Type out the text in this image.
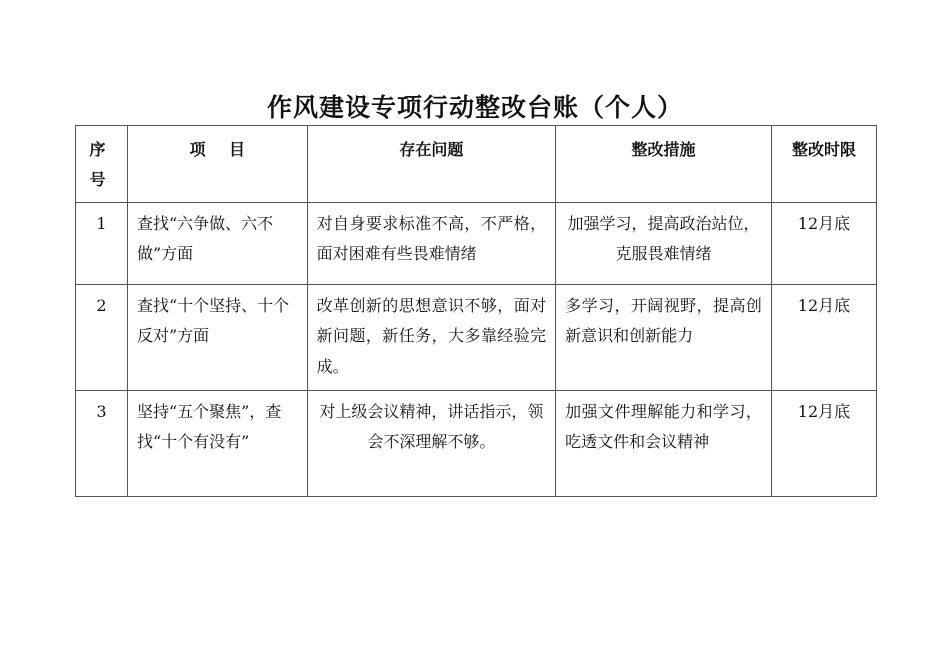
作风建设专项行动整改台账（个人）
序 号	项 目	存在问题	整改措施	整改时限
1	查找“六争做、六不做”方面	对自身要求标准不高，不严格，面对困难有些畏难情绪	加强学习，提高政治站位，克服畏难情绪	12月底
2	查找“十个坚持、十个反对”方面	改革创新的思想意识不够，面对新问题，新任务，大多靠经验完成。	多学习，开阔视野，提高创新意识和创新能力	12月底
3	坚持“五个聚焦”，查找“十个有没有”	对上级会议精神，讲话指示，领会不深理解不够。	加强文件理解能力和学习，吃透文件和会议精神	12月底
